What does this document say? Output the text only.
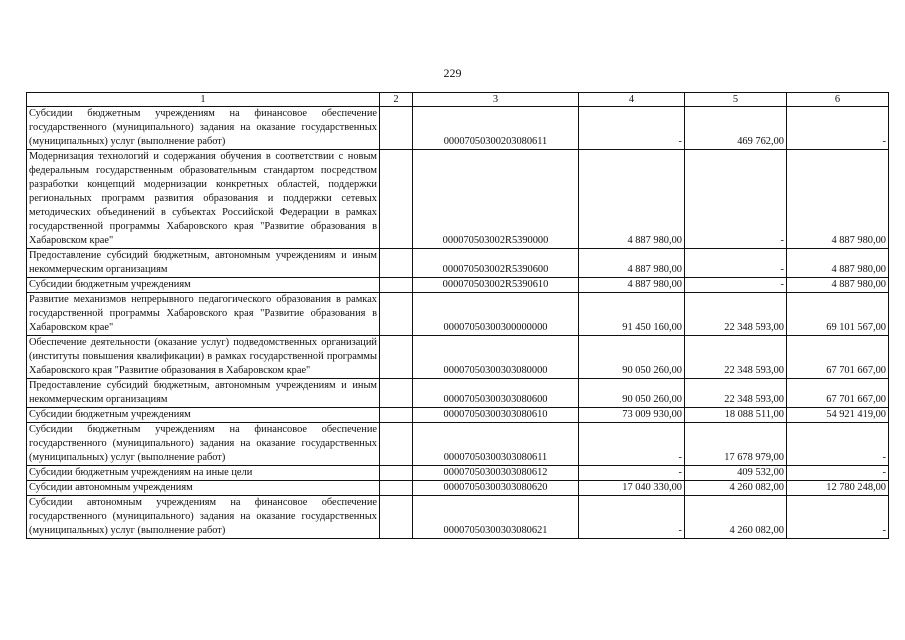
229
1	2	3	4	5	6
Субсидии бюджетным учреждениям на финансовое обеспечение государственного (муниципального) задания на оказание государственных (муниципальных) услуг (выполнение работ)		00007050300203080611	-	469 762,00	-
Модернизация технологий и содержания обучения в соответствии с новым федеральным государственным образовательным стандартом посредством разработки концепций модернизации конкретных областей, поддержки региональных программ развития образования и поддержки сетевых методических объединений в субъектах Российской Федерации в рамках государственной программы Хабаровского края "Развитие образования в Хабаровском крае"		000070503002R5390000	4 887 980,00	-	4 887 980,00
Предоставление субсидий бюджетным, автономным учреждениям и иным некоммерческим организациям		000070503002R5390600	4 887 980,00	-	4 887 980,00
Субсидии бюджетным учреждениям		000070503002R5390610	4 887 980,00	-	4 887 980,00
Развитие механизмов непрерывного педагогического образования в рамках государственной программы Хабаровского края "Развитие образования в Хабаровском крае"		00007050300300000000	91 450 160,00	22 348 593,00	69 101 567,00
Обеспечение деятельности (оказание услуг) подведомственных организаций (институты повышения квалификации) в рамках государственной программы Хабаровского края "Развитие образования в Хабаровском крае"		00007050300303080000	90 050 260,00	22 348 593,00	67 701 667,00
Предоставление субсидий бюджетным, автономным учреждениям и иным некоммерческим организациям		00007050300303080600	90 050 260,00	22 348 593,00	67 701 667,00
Субсидии бюджетным учреждениям		00007050300303080610	73 009 930,00	18 088 511,00	54 921 419,00
Субсидии бюджетным учреждениям на финансовое обеспечение государственного (муниципального) задания на оказание государственных (муниципальных) услуг (выполнение работ)		00007050300303080611	-	17 678 979,00	-
Субсидии бюджетным учреждениям на иные цели		00007050300303080612	-	409 532,00	-
Субсидии автономным учреждениям		00007050300303080620	17 040 330,00	4 260 082,00	12 780 248,00
Субсидии автономным учреждениям на финансовое обеспечение государственного (муниципального) задания на оказание государственных (муниципальных) услуг (выполнение работ)		00007050300303080621	-	4 260 082,00	-
